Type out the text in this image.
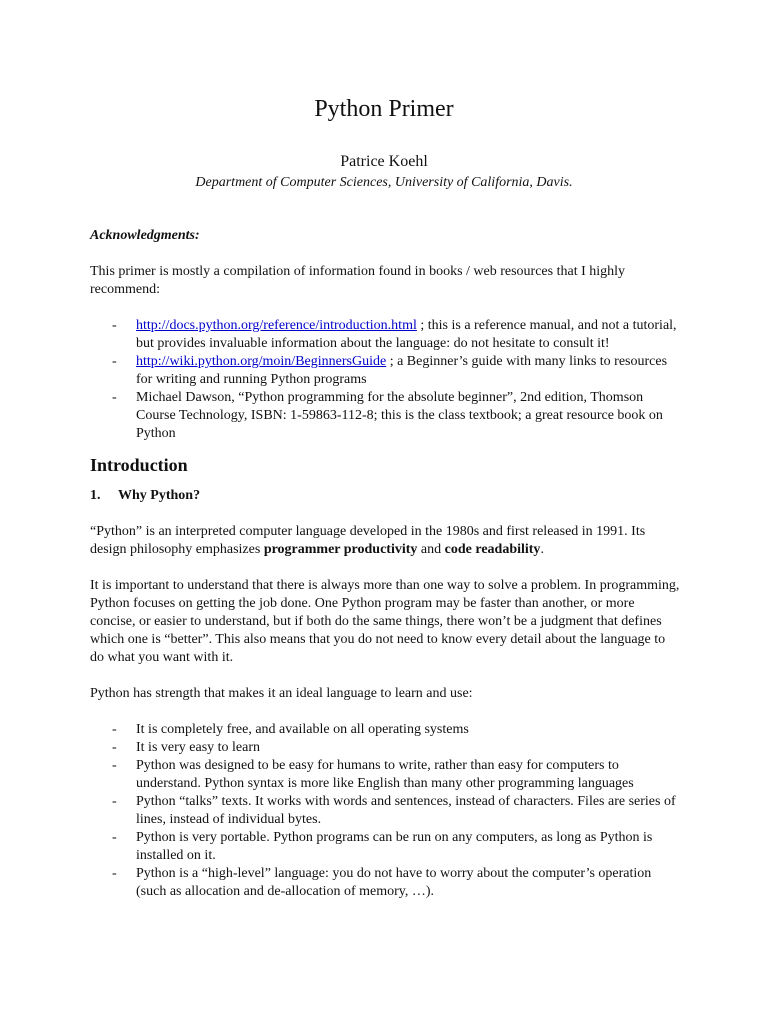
Python Primer
Patrice Koehl
Department of Computer Sciences, University of California, Davis.

Acknowledgments:

This primer is mostly a compilation of information found in books / web resources that I highly recommend:

- http://docs.python.org/reference/introduction.html ; this is a reference manual, and not a tutorial, but provides invaluable information about the language: do not hesitate to consult it!
- http://wiki.python.org/moin/BeginnersGuide ; a Beginner’s guide with many links to resources for writing and running Python programs
- Michael Dawson, “Python programming for the absolute beginner”, 2nd edition, Thomson Course Technology, ISBN: 1-59863-112-8; this is the class textbook; a great resource book on Python

Introduction

1. Why Python?

“Python” is an interpreted computer language developed in the 1980s and first released in 1991. Its design philosophy emphasizes programmer productivity and code readability.

It is important to understand that there is always more than one way to solve a problem. In programming, Python focuses on getting the job done. One Python program may be faster than another, or more concise, or easier to understand, but if both do the same things, there won’t be a judgment that defines which one is “better”. This also means that you do not need to know every detail about the language to do what you want with it.

Python has strength that makes it an ideal language to learn and use:

- It is completely free, and available on all operating systems
- It is very easy to learn
- Python was designed to be easy for humans to write, rather than easy for computers to understand. Python syntax is more like English than many other programming languages
- Python “talks” texts. It works with words and sentences, instead of characters. Files are series of lines, instead of individual bytes.
- Python is very portable. Python programs can be run on any computers, as long as Python is installed on it.
- Python is a “high-level” language: you do not have to worry about the computer’s operation (such as allocation and de-allocation of memory, …).
